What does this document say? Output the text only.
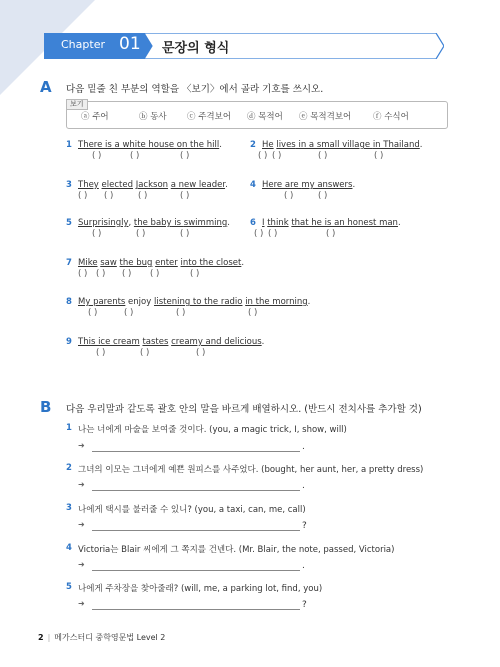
Chapter 01 문장의 형식
A 다음 밑줄 친 부분의 역할을 〈보기〉에서 골라 기호를 쓰시오.
보기
ⓐ 주어	ⓑ 동사 ⓒ 주격보어 ⓓ 목적어 ⓔ 목적격보어	ⓕ 수식어
1 There is a white house on the hill.
( )	( )	( )
2 He lives in a small village in Thailand.
( ) ( )	( )	( )
3 They elected Jackson a new leader.
( ) ( )	( )	( )
4 Here are my answers.
( )	( )
5 Surprisingly, the baby is swimming.
( )	( )	( )
6 I think that he is an honest man.
( ) ( )	( )
7 Mike saw the bug enter into the closet.
( ) ( ) ( ) ( )	( )
8 My parents enjoy listening to the radio in the morning.
( )	( )	( )	( )
9 This ice cream tastes creamy and delicious.
( )	( )	( )
B 다음 우리말과 같도록 괄호 안의 말을 바르게 배열하시오. (반드시 전치사를 추가할 것)
1 나는 너에게 마술을 보여줄 것이다. (you, a magic trick, I, show, will)
➜	.
2 그녀의 이모는 그녀에게 예쁜 원피스를 사주었다. (bought, her aunt, her, a pretty dress)
➜	.
3 나에게 택시를 불러줄 수 있니? (you, a taxi, can, me, call)
➜	?
4 Victoria는 Blair 씨에게 그 쪽지를 건넨다. (Mr. Blair, the note, passed, Victoria)
➜	.
5 나에게 주차장을 찾아줄래? (will, me, a parking lot, find, you)
➜	?
2 | 메가스터디 중학영문법 Level 2
